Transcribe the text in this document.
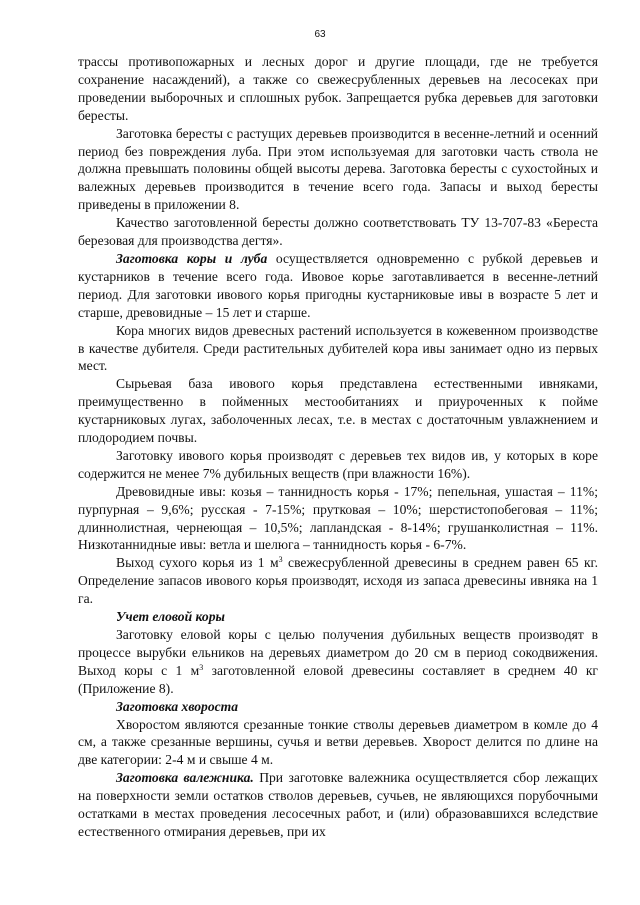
63

трассы противопожарных и лесных дорог и другие площади, где не требуется сохранение насаждений), а также со свежесрубленных деревьев на лесосеках при проведении выборочных и сплошных рубок. Запрещается рубка деревьев для заготовки бересты.

Заготовка бересты с растущих деревьев производится в весенне-летний и осенний период без повреждения луба. При этом используемая для заготовки часть ствола не должна превышать половины общей высоты дерева. Заготовка бересты с сухостойных и валежных деревьев производится в течение всего года. Запасы и выход бересты приведены в приложении 8.

Качество заготовленной бересты должно соответствовать ТУ 13-707-83 «Береста березовая для производства дегтя».

Заготовка коры и луба осуществляется одновременно с рубкой деревьев и кустарников в течение всего года. Ивовое корье заготавливается в весенне-летний период. Для заготовки ивового корья пригодны кустарниковые ивы в возрасте 5 лет и старше, древовидные – 15 лет и старше.

Кора многих видов древесных растений используется в кожевенном производстве в качестве дубителя. Среди растительных дубителей кора ивы занимает одно из первых мест.

Сырьевая база ивового корья представлена естественными ивняками, преимущественно в пойменных местообитаниях и приуроченных к пойме кустарниковых лугах, заболоченных лесах, т.е. в местах с достаточным увлажнением и плодородием почвы.

Заготовку ивового корья производят с деревьев тех видов ив, у которых в коре содержится не менее 7% дубильных веществ (при влажности 16%).

Древовидные ивы: козья – таннидность корья - 17%; пепельная, ушастая – 11%; пурпурная – 9,6%; русская - 7-15%; прутковая – 10%; шерстистопобеговая – 11%; длиннолистная, чернеющая – 10,5%; лапландская - 8-14%; грушанколистная – 11%. Низкотаннидные ивы: ветла и шелюга – таннидность корья - 6-7%.

Выход сухого корья из 1 $м^3$ свежесрубленной древесины в среднем равен 65 кг. Определение запасов ивового корья производят, исходя из запаса древесины ивняка на 1 га.

Учет еловой коры

Заготовку еловой коры с целью получения дубильных веществ производят в процессе вырубки ельников на деревьях диаметром до 20 см в период сокодвижения. Выход коры с 1 $м^3$ заготовленной еловой древесины составляет в среднем 40 кг (Приложение 8).

Заготовка хвороста

Хворостом являются срезанные тонкие стволы деревьев диаметром в комле до 4 см, а также срезанные вершины, сучья и ветви деревьев. Хворост делится по длине на две категории: 2-4 м и свыше 4 м.

Заготовка валежника. При заготовке валежника осуществляется сбор лежащих на поверхности земли остатков стволов деревьев, сучьев, не являющихся порубочными остатками в местах проведения лесосечных работ, и (или) образовавшихся вследствие естественного отмирания деревьев, при их
